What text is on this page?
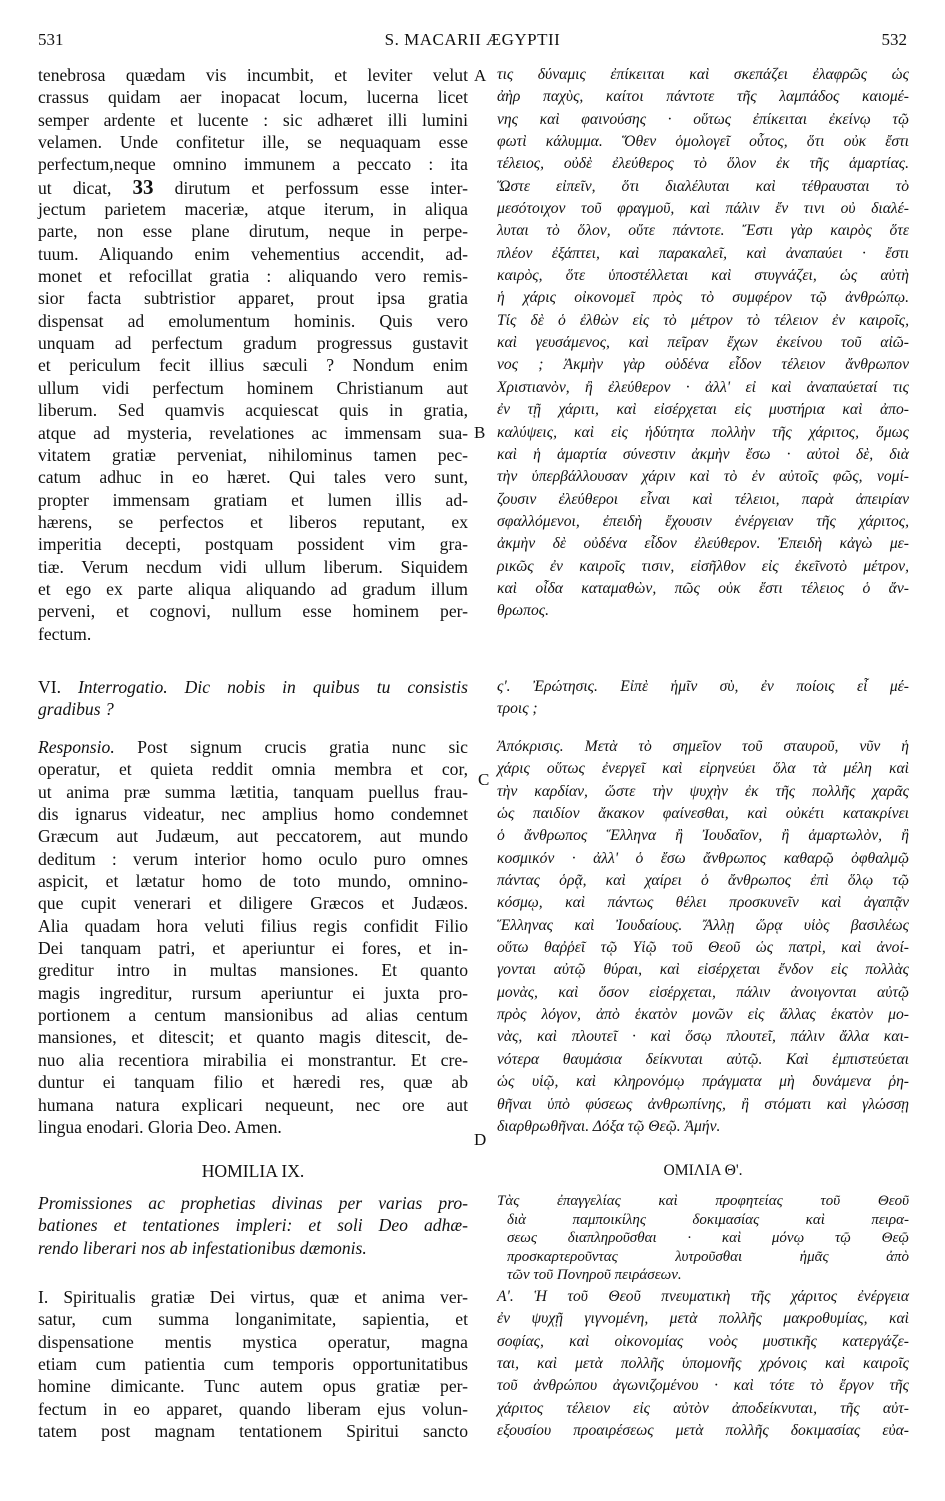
531	S. MACARII ÆGYPTII	532
A
B
C
D
tenebrosa quædam vis incumbit, et leviter velut
crassus quidam aer inopacat locum, lucerna licet
semper ardente et lucente : sic adhæret illi lumini
velamen. Unde confitetur ille, se nequaquam esse
perfectum,neque omnino immunem a peccato : ita
ut dicat, 33 dirutum et perfossum esse inter-
jectum parietem maceriæ, atque iterum, in aliqua
parte, non esse plane dirutum, neque in perpe-
tuum. Aliquando enim vehementius accendit, ad-
monet et refocillat gratia : aliquando vero remis-
sior facta subtristior apparet, prout ipsa gratia
dispensat ad emolumentum hominis. Quis vero
unquam ad perfectum gradum progressus gustavit
et periculum fecit illius sæculi ? Nondum enim
ullum vidi perfectum hominem Christianum aut
liberum. Sed quamvis acquiescat quis in gratia,
atque ad mysteria, revelationes ac immensam sua-
vitatem gratiæ perveniat, nihilominus tamen pec-
catum adhuc in eo hæret. Qui tales vero sunt,
propter immensam gratiam et lumen illis ad-
hærens, se perfectos et liberos reputant, ex
imperitia decepti, postquam possident vim gra-
tiæ. Verum necdum vidi ullum liberum. Siquidem
et ego ex parte aliqua aliquando ad gradum illum
perveni, et cognovi, nullum esse hominem per-
fectum.
VI. Interrogatio. Dic nobis in quibus tu consistis
gradibus ?
Responsio. Post signum crucis gratia nunc sic
operatur, et quieta reddit omnia membra et cor,
ut anima præ summa lætitia, tanquam puellus frau-
dis ignarus videatur, nec amplius homo condemnet
Græcum aut Judæum, aut peccatorem, aut mundo
deditum : verum interior homo oculo puro omnes
aspicit, et lætatur homo de toto mundo, omnino-
que cupit venerari et diligere Græcos et Judæos.
Alia quadam hora veluti filius regis confidit Filio
Dei tanquam patri, et aperiuntur ei fores, et in-
greditur intro in multas mansiones. Et quanto
magis ingreditur, rursum aperiuntur ei juxta pro-
portionem a centum mansionibus ad alias centum
mansiones, et ditescit; et quanto magis ditescit, de-
nuo alia recentiora mirabilia ei monstrantur. Et cre-
duntur ei tanquam filio et hæredi res, quæ ab
humana natura explicari nequeunt, nec ore aut
lingua enodari. Gloria Deo. Amen.
HOMILIA IX.
Promissiones ac prophetias divinas per varias pro-
bationes et tentationes impleri: et soli Deo adhæ-
rendo liberari nos ab infestationibus dæmonis.
I. Spiritualis gratiæ Dei virtus, quæ et anima ver-
satur, cum summa longanimitate, sapientia, et
dispensatione mentis mystica operatur, magna
etiam cum patientia cum temporis opportunitatibus
homine dimicante. Tunc autem opus gratiæ per-
fectum in eo apparet, quando liberam ejus volun-
tatem post magnam tentationem Spiritui sancto
τις δύναμις ἐπίκειται καὶ σκεπάζει ἐλαφρῶς ὡς
ἀὴρ παχὺς, καίτοι πάντοτε τῆς λαμπάδος καιομέ-
νης καὶ φαινούσης · οὕτως ἐπίκειται ἐκείνῳ τῷ
φωτὶ κάλυμμα. Ὅθεν ὁμολογεῖ οὗτος, ὅτι οὐκ ἔστι
τέλειος, οὐδὲ ἐλεύθερος τὸ ὅλον ἐκ τῆς ἁμαρτίας.
Ὥστε εἰπεῖν, ὅτι διαλέλυται καὶ τέθραυσται τὸ
μεσότοιχον τοῦ φραγμοῦ, καὶ πάλιν ἔν τινι οὐ διαλέ-
λυται τὸ ὅλον, οὔτε πάντοτε. Ἔστι γὰρ καιρὸς ὅτε
πλέον ἐξάπτει, καὶ παρακαλεῖ, καὶ ἀναπαύει · ἔστι
καιρὸς, ὅτε ὑποστέλλεται καὶ στυγνάζει, ὡς αὐτὴ
ἡ χάρις οἰκονομεῖ πρὸς τὸ συμφέρον τῷ ἀνθρώπῳ.
Τίς δὲ ὁ ἐλθὼν εἰς τὸ μέτρον τὸ τέλειον ἐν καιροῖς,
καὶ γευσάμενος, καὶ πεῖραν ἔχων ἐκείνου τοῦ αἰῶ-
νος ; Ἀκμὴν γὰρ οὐδένα εἶδον τέλειον ἄνθρωπον
Χριστιανὸν, ἢ ἐλεύθερον · ἀλλ' εἰ καὶ ἀναπαύεταί τις
ἐν τῇ χάριτι, καὶ εἰσέρχεται εἰς μυστήρια καὶ ἀπο-
καλύψεις, καὶ εἰς ἡδύτητα πολλὴν τῆς χάριτος, ὅμως
καὶ ἡ ἁμαρτία σύνεστιν ἀκμὴν ἔσω · αὐτοὶ δὲ, διὰ
τὴν ὑπερβάλλουσαν χάριν καὶ τὸ ἐν αὐτοῖς φῶς, νομί-
ζουσιν ἐλεύθεροι εἶναι καὶ τέλειοι, παρὰ ἀπειρίαν
σφαλλόμενοι, ἐπειδὴ ἔχουσιν ἐνέργειαν τῆς χάριτος,
ἀκμὴν δὲ οὐδένα εἶδον ἐλεύθερον. Ἐπειδὴ κἀγὼ με-
ρικῶς ἐν καιροῖς τισιν, εἰσῆλθον εἰς ἐκεῖνοτὸ μέτρον,
καὶ οἶδα καταμαθὼν, πῶς οὐκ ἔστι τέλειος ὁ ἄν-
θρωπος.
ς'. Ἐρώτησις. Εἰπὲ ἡμῖν σὺ, ἐν ποίοις εἶ μέ-
τροις ;
Ἀπόκρισις. Μετὰ τὸ σημεῖον τοῦ σταυροῦ, νῦν ἡ
χάρις οὕτως ἐνεργεῖ καὶ εἰρηνεύει ὅλα τὰ μέλη καὶ
τὴν καρδίαν, ὥστε τὴν ψυχὴν ἐκ τῆς πολλῆς χαρᾶς
ὡς παιδίον ἄκακον φαίνεσθαι, καὶ οὐκέτι κατακρίνει
ὁ ἄνθρωπος Ἕλληνα ἢ Ἰουδαῖον, ἢ ἁμαρτωλὸν, ἢ
κοσμικόν · ἀλλ' ὁ ἔσω ἄνθρωπος καθαρῷ ὀφθαλμῷ
πάντας ὁρᾷ, καὶ χαίρει ὁ ἄνθρωπος ἐπὶ ὅλῳ τῷ
κόσμῳ, καὶ πάντως θέλει προσκυνεῖν καὶ ἀγαπᾷν
Ἕλληνας καὶ Ἰουδαίους. Ἄλλῃ ὥρᾳ υἱὸς βασιλέως
οὕτω θαῤῥεῖ τῷ Υἱῷ τοῦ Θεοῦ ὡς πατρὶ, καὶ ἀνοί-
γονται αὐτῷ θύραι, καὶ εἰσέρχεται ἔνδον εἰς πολλὰς
μονὰς, καὶ ὅσον εἰσέρχεται, πάλιν ἀνοιγονται αὐτῷ
πρὸς λόγον, ἀπὸ ἑκατὸν μονῶν εἰς ἄλλας ἑκατὸν μο-
νὰς, καὶ πλουτεῖ · καὶ ὅσῳ πλουτεῖ, πάλιν ἄλλα και-
νότερα θαυμάσια δείκνυται αὐτῷ. Καὶ ἐμπιστεύεται
ὡς υἱῷ, καὶ κληρονόμῳ πράγματα μὴ δυνάμενα ῥη-
θῆναι ὑπὸ φύσεως ἀνθρωπίνης, ἢ στόματι καὶ γλώσσῃ
διαρθρωθῆναι. Δόξα τῷ Θεῷ. Ἀμήν.
ΟΜΙΛΙΑ Θ'.
Τὰς ἐπαγγελίας καὶ προφητείας τοῦ Θεοῦ
διὰ παμποικίλης δοκιμασίας καὶ πειρα-
σεως διαπληροῦσθαι · καὶ μόνῳ τῷ Θεῷ
προσκαρτεροῦντας λυτροῦσθαι ἡμᾶς ἀπὸ
τῶν τοῦ Πονηροῦ πειράσεων.
Α'. Ἡ τοῦ Θεοῦ πνευματικὴ τῆς χάριτος ἐνέργεια
ἐν ψυχῇ γιγνομένη, μετὰ πολλῆς μακροθυμίας, καὶ
σοφίας, καὶ οἰκονομίας νοὸς μυστικῆς κατεργάζε-
ται, καὶ μετὰ πολλῆς ὑπομονῆς χρόνοις καὶ καιροῖς
τοῦ ἀνθρώπου ἀγωνιζομένου · καὶ τότε τὸ ἔργον τῆς
χάριτος τέλειον εἰς αὐτὸν ἀποδείκνυται, τῆς αὐτ-
εξουσίου προαιρέσεως μετὰ πολλῆς δοκιμασίας εὐα-
